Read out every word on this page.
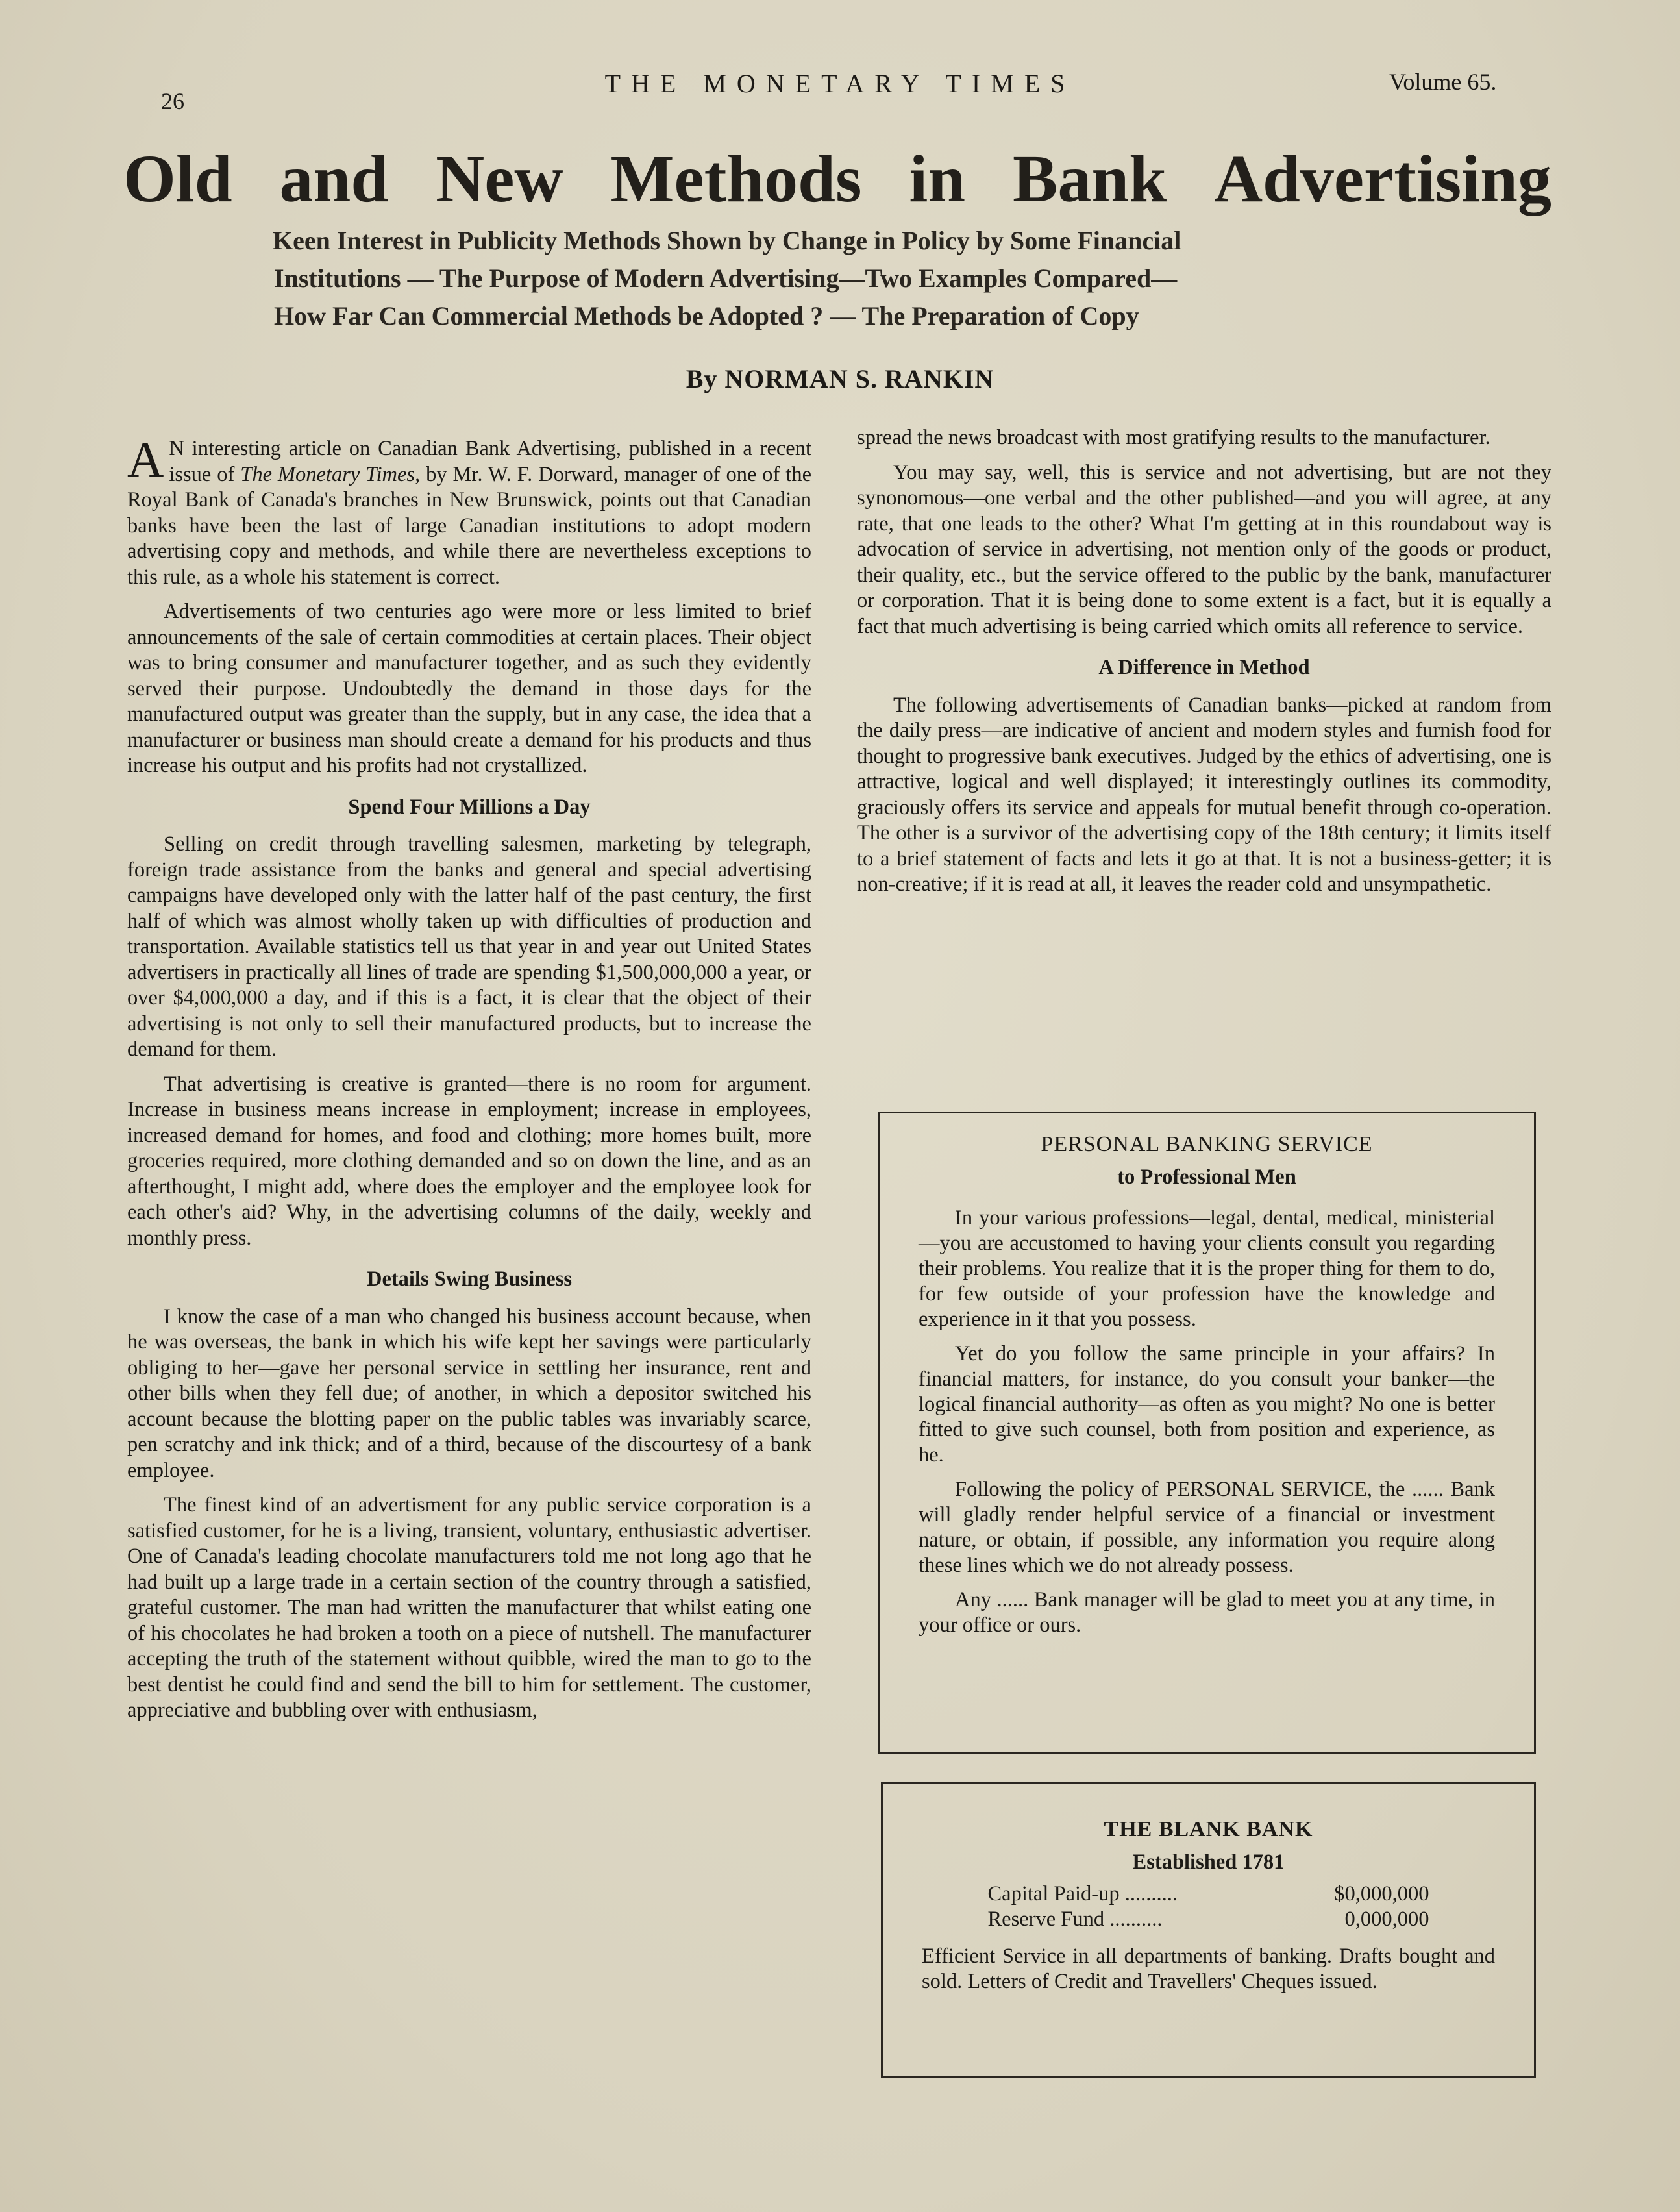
26
THE MONETARY TIMES	Volume 65.
Old and New Methods in Bank Advertising
Keen Interest in Publicity Methods Shown by Change in Policy by Some Financial
Institutions — The Purpose of Modern Advertising—Two Examples Compared—
How Far Can Commercial Methods be Adopted ? — The Preparation of Copy
By NORMAN S. RANKIN

A N interesting article on Canadian Bank Advertising, published in a recent issue of The Monetary Times, by Mr. W. F. Dorward, manager of one of the Royal Bank of Canada's branches in New Brunswick, points out that Canadian banks have been the last of large Canadian institutions to adopt modern advertising copy and methods, and while there are nevertheless exceptions to this rule, as a whole his statement is correct.

Advertisements of two centuries ago were more or less limited to brief announcements of the sale of certain commodities at certain places. Their object was to bring consumer and manufacturer together, and as such they evidently served their purpose. Undoubtedly the demand in those days for the manufactured output was greater than the supply, but in any case, the idea that a manufacturer or business man should create a demand for his products and thus increase his output and his profits had not crystallized.

Spend Four Millions a Day

Selling on credit through travelling salesmen, marketing by telegraph, foreign trade assistance from the banks and general and special advertising campaigns have developed only with the latter half of the past century, the first half of which was almost wholly taken up with difficulties of production and transportation. Available statistics tell us that year in and year out United States advertisers in practically all lines of trade are spending $1,500,000,000 a year, or over $4,000,000 a day, and if this is a fact, it is clear that the object of their advertising is not only to sell their manufactured products, but to increase the demand for them.

That advertising is creative is granted—there is no room for argument. Increase in business means increase in employment; increase in employees, increased demand for homes, and food and clothing; more homes built, more groceries required, more clothing demanded and so on down the line, and as an afterthought, I might add, where does the employer and the employee look for each other's aid? Why, in the advertising columns of the daily, weekly and monthly press.

Details Swing Business

I know the case of a man who changed his business account because, when he was overseas, the bank in which his wife kept her savings were particularly obliging to her—gave her personal service in settling her insurance, rent and other bills when they fell due; of another, in which a depositor switched his account because the blotting paper on the public tables was invariably scarce, pen scratchy and ink thick; and of a third, because of the discourtesy of a bank employee.

The finest kind of an advertisment for any public service corporation is a satisfied customer, for he is a living, transient, voluntary, enthusiastic advertiser. One of Canada's leading chocolate manufacturers told me not long ago that he had built up a large trade in a certain section of the country through a satisfied, grateful customer. The man had written the manufacturer that whilst eating one of his chocolates he had broken a tooth on a piece of nutshell. The manufacturer accepting the truth of the statement without quibble, wired the man to go to the best dentist he could find and send the bill to him for settlement. The customer, appreciative and bubbling over with enthusiasm,

spread the news broadcast with most gratifying results to the manufacturer.

You may say, well, this is service and not advertising, but are not they synonomous—one verbal and the other published—and you will agree, at any rate, that one leads to the other? What I'm getting at in this roundabout way is advocation of service in advertising, not mention only of the goods or product, their quality, etc., but the service offered to the public by the bank, manufacturer or corporation. That it is being done to some extent is a fact, but it is equally a fact that much advertising is being carried which omits all reference to service.

A Difference in Method

The following advertisements of Canadian banks—picked at random from the daily press—are indicative of ancient and modern styles and furnish food for thought to progressive bank executives. Judged by the ethics of advertising, one is attractive, logical and well displayed; it interestingly outlines its commodity, graciously offers its service and appeals for mutual benefit through co-operation. The other is a survivor of the advertising copy of the 18th century; it limits itself to a brief statement of facts and lets it go at that. It is not a business-getter; it is non-creative; if it is read at all, it leaves the reader cold and unsympathetic.

PERSONAL BANKING SERVICE
to Professional Men

In your various professions—legal, dental, medical, ministerial—you are accustomed to having your clients consult you regarding their problems. You realize that it is the proper thing for them to do, for few outside of your profession have the knowledge and experience in it that you possess.

Yet do you follow the same principle in your affairs? In financial matters, for instance, do you consult your banker—the logical financial authority—as often as you might? No one is better fitted to give such counsel, both from position and experience, as he.

Following the policy of PERSONAL SERVICE, the ...... Bank will gladly render helpful service of a financial or investment nature, or obtain, if possible, any information you require along these lines which we do not already possess.

Any ...... Bank manager will be glad to meet you at any time, in your office or ours.

THE BLANK BANK
Established 1781
Capital Paid-up ..........	$0,000,000
Reserve Fund ..........	0,000,000

Efficient Service in all departments of banking. Drafts bought and sold. Letters of Credit and Travellers' Cheques issued.
